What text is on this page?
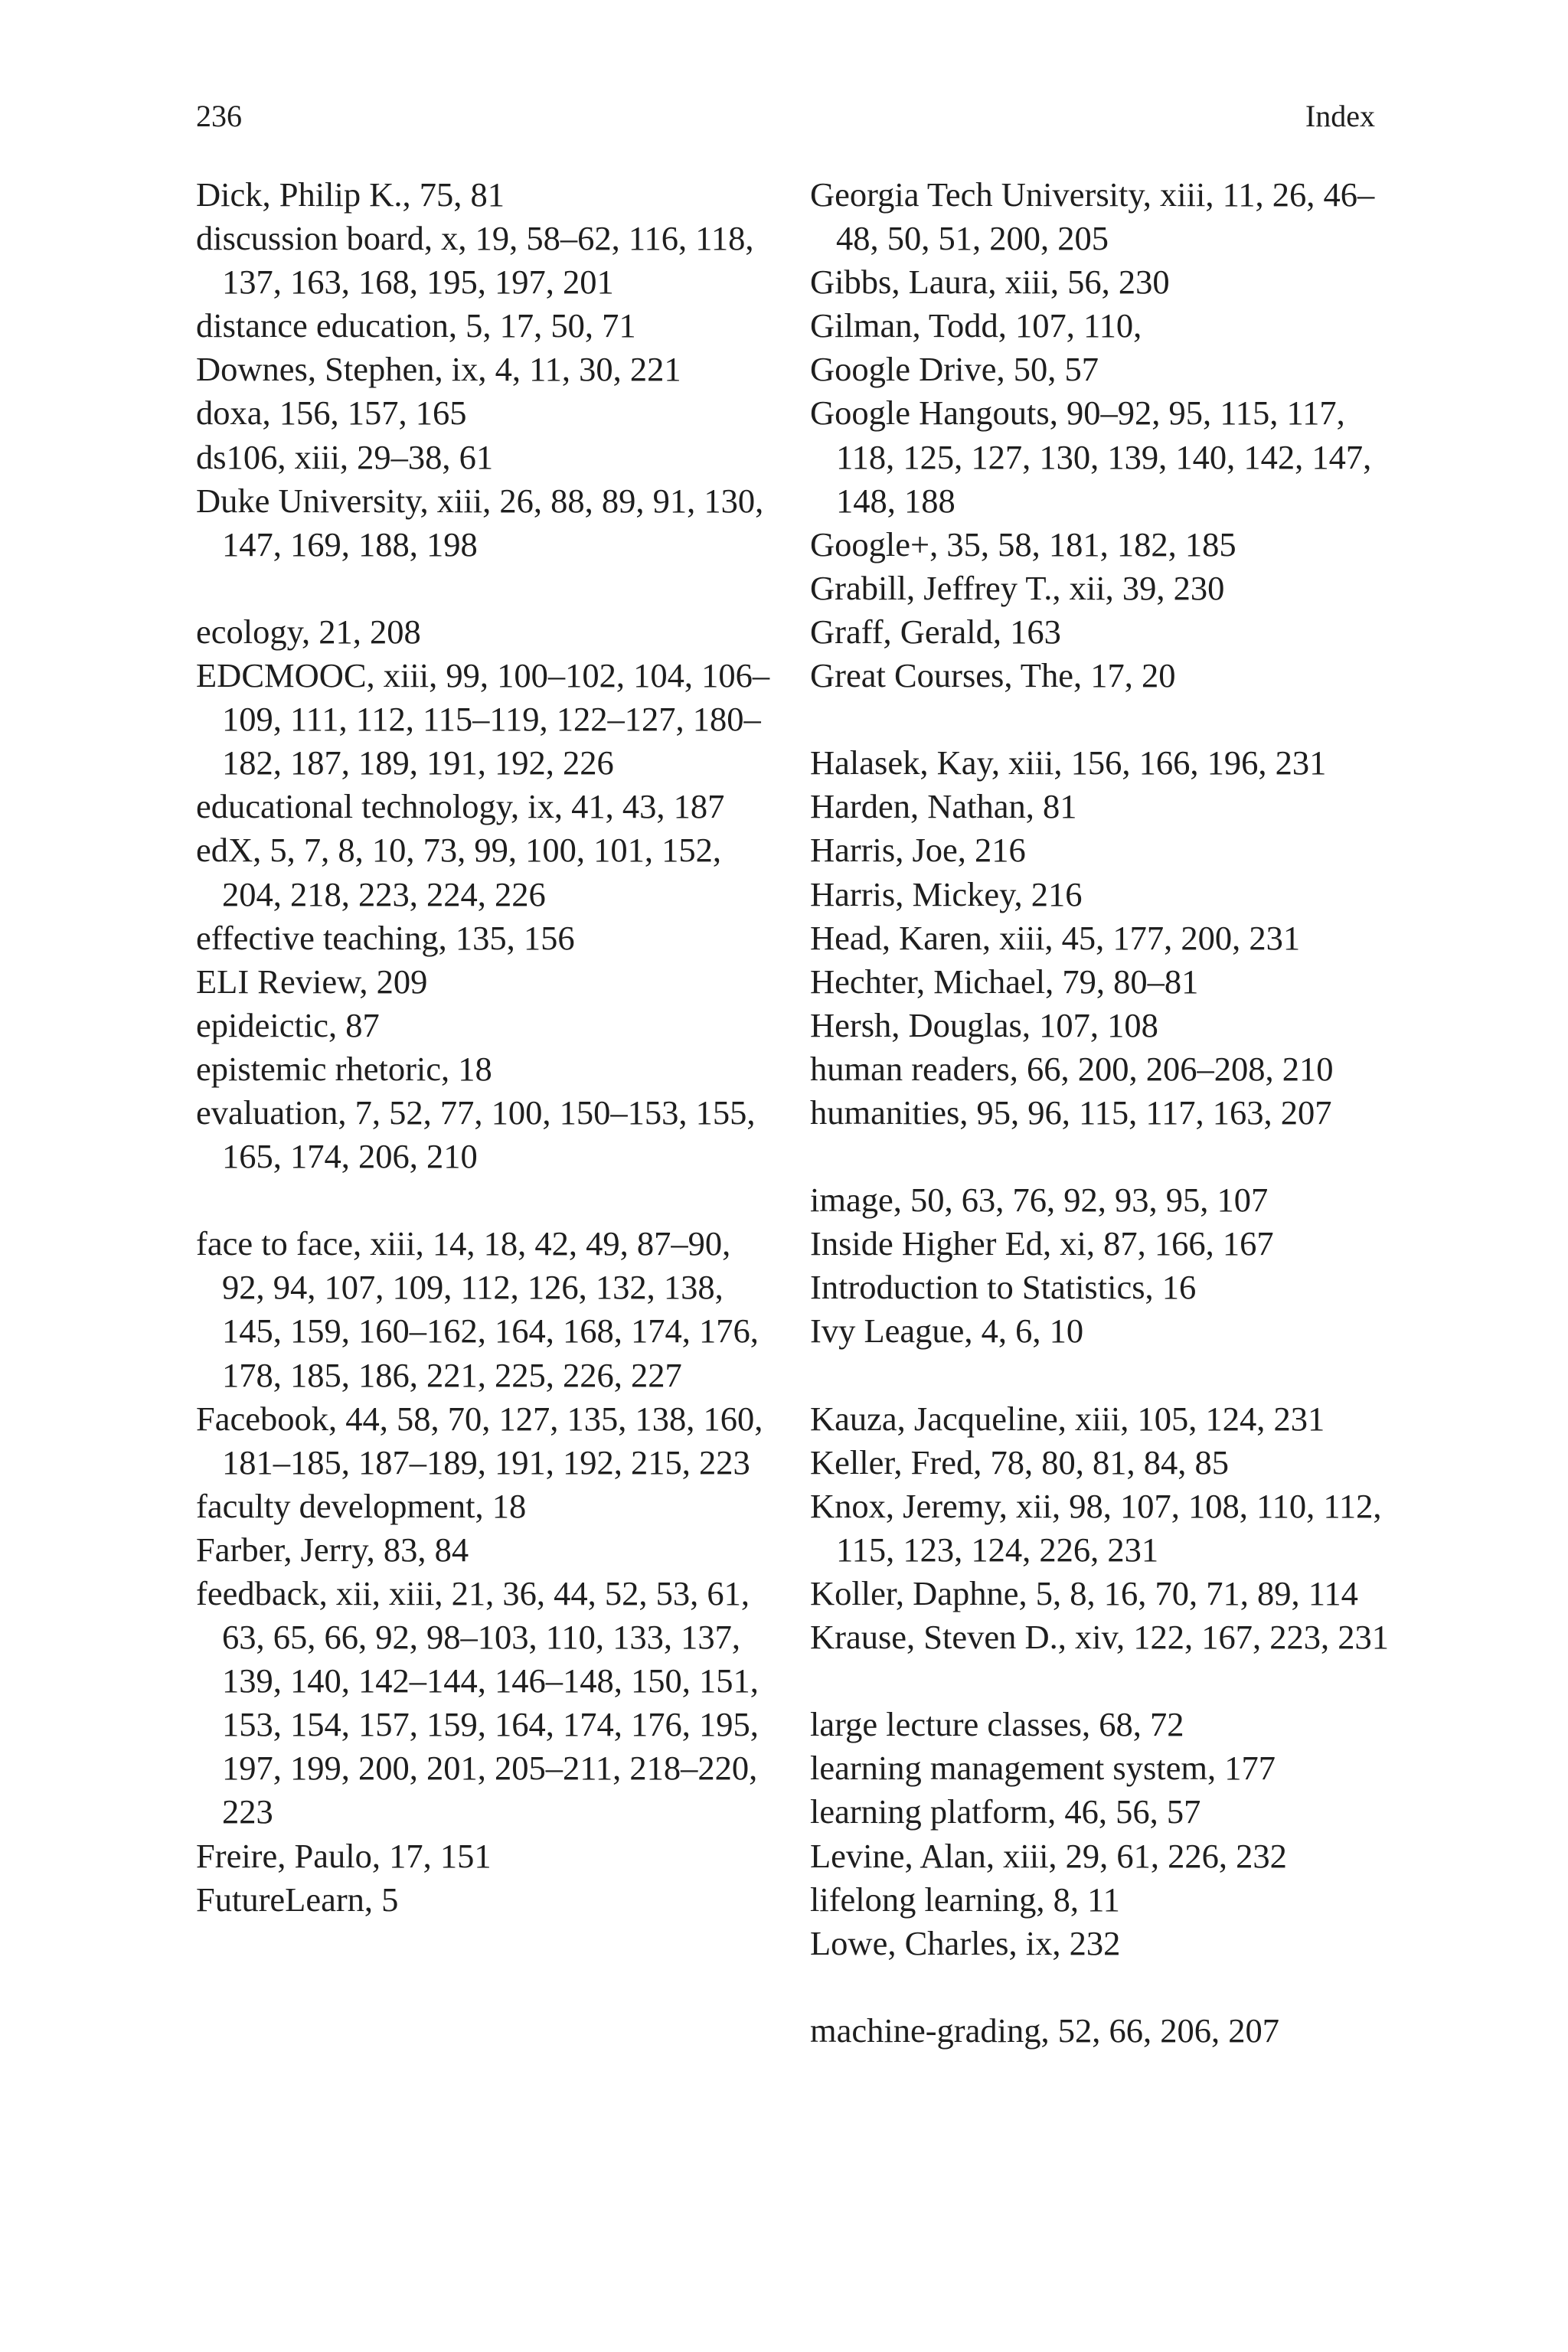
236	Index
Dick, Philip K., 75, 81
discussion board, x, 19, 58–62, 116, 118, 137, 163, 168, 195, 197, 201
distance education, 5, 17, 50, 71
Downes, Stephen, ix, 4, 11, 30, 221
doxa, 156, 157, 165
ds106, xiii, 29–38, 61
Duke University, xiii, 26, 88, 89, 91, 130, 147, 169, 188, 198
ecology, 21, 208
EDCMOOC, xiii, 99, 100–102, 104, 106–109, 111, 112, 115–119, 122–127, 180–182, 187, 189, 191, 192, 226
educational technology, ix, 41, 43, 187
edX, 5, 7, 8, 10, 73, 99, 100, 101, 152, 204, 218, 223, 224, 226
effective teaching, 135, 156
ELI Review, 209
epideictic, 87
epistemic rhetoric, 18
evaluation, 7, 52, 77, 100, 150–153, 155, 165, 174, 206, 210
face to face, xiii, 14, 18, 42, 49, 87–90, 92, 94, 107, 109, 112, 126, 132, 138, 145, 159, 160–162, 164, 168, 174, 176, 178, 185, 186, 221, 225, 226, 227
Facebook, 44, 58, 70, 127, 135, 138, 160, 181–185, 187–189, 191, 192, 215, 223
faculty development, 18
Farber, Jerry, 83, 84
feedback, xii, xiii, 21, 36, 44, 52, 53, 61, 63, 65, 66, 92, 98–103, 110, 133, 137, 139, 140, 142–144, 146–148, 150, 151, 153, 154, 157, 159, 164, 174, 176, 195, 197, 199, 200, 201, 205–211, 218–220, 223
Freire, Paulo, 17, 151
FutureLearn, 5
Georgia Tech University, xiii, 11, 26, 46–48, 50, 51, 200, 205
Gibbs, Laura, xiii, 56, 230
Gilman, Todd, 107, 110,
Google Drive, 50, 57
Google Hangouts, 90–92, 95, 115, 117, 118, 125, 127, 130, 139, 140, 142, 147, 148, 188
Google+, 35, 58, 181, 182, 185
Grabill, Jeffrey T., xii, 39, 230
Graff, Gerald, 163
Great Courses, The, 17, 20
Halasek, Kay, xiii, 156, 166, 196, 231
Harden, Nathan, 81
Harris, Joe, 216
Harris, Mickey, 216
Head, Karen, xiii, 45, 177, 200, 231
Hechter, Michael, 79, 80–81
Hersh, Douglas, 107, 108
human readers, 66, 200, 206–208, 210
humanities, 95, 96, 115, 117, 163, 207
image, 50, 63, 76, 92, 93, 95, 107
Inside Higher Ed, xi, 87, 166, 167
Introduction to Statistics, 16
Ivy League, 4, 6, 10
Kauza, Jacqueline, xiii, 105, 124, 231
Keller, Fred, 78, 80, 81, 84, 85
Knox, Jeremy, xii, 98, 107, 108, 110, 112, 115, 123, 124, 226, 231
Koller, Daphne, 5, 8, 16, 70, 71, 89, 114
Krause, Steven D., xiv, 122, 167, 223, 231
large lecture classes, 68, 72
learning management system, 177
learning platform, 46, 56, 57
Levine, Alan, xiii, 29, 61, 226, 232
lifelong learning, 8, 11
Lowe, Charles, ix, 232
machine-grading, 52, 66, 206, 207
